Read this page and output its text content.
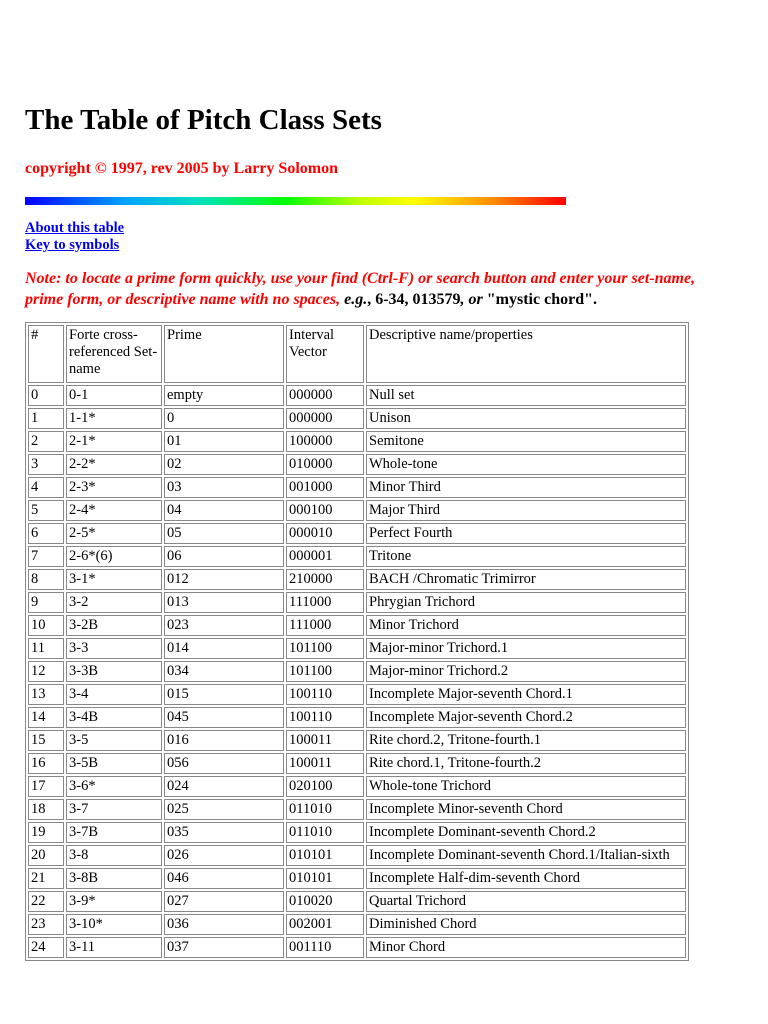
The Table of Pitch Class Sets

copyright © 1997, rev 2005 by Larry Solomon

About this table
Key to symbols

Note: to locate a prime form quickly, use your find (Ctrl-F) or search button and enter your set-name, prime form, or descriptive name with no spaces, e.g., 6-34, 013579, or "mystic chord".

#	Forte cross-referenced Set-name	Prime	Interval Vector	Descriptive name/properties
0	0-1	empty	000000	Null set
1	1-1*	0	000000	Unison
2	2-1*	01	100000	Semitone
3	2-2*	02	010000	Whole-tone
4	2-3*	03	001000	Minor Third
5	2-4*	04	000100	Major Third
6	2-5*	05	000010	Perfect Fourth
7	2-6*(6)	06	000001	Tritone
8	3-1*	012	210000	BACH /Chromatic Trimirror
9	3-2	013	111000	Phrygian Trichord
10	3-2B	023	111000	Minor Trichord
11	3-3	014	101100	Major-minor Trichord.1
12	3-3B	034	101100	Major-minor Trichord.2
13	3-4	015	100110	Incomplete Major-seventh Chord.1
14	3-4B	045	100110	Incomplete Major-seventh Chord.2
15	3-5	016	100011	Rite chord.2, Tritone-fourth.1
16	3-5B	056	100011	Rite chord.1, Tritone-fourth.2
17	3-6*	024	020100	Whole-tone Trichord
18	3-7	025	011010	Incomplete Minor-seventh Chord
19	3-7B	035	011010	Incomplete Dominant-seventh Chord.2
20	3-8	026	010101	Incomplete Dominant-seventh Chord.1/Italian-sixth
21	3-8B	046	010101	Incomplete Half-dim-seventh Chord
22	3-9*	027	010020	Quartal Trichord
23	3-10*	036	002001	Diminished Chord
24	3-11	037	001110	Minor Chord
